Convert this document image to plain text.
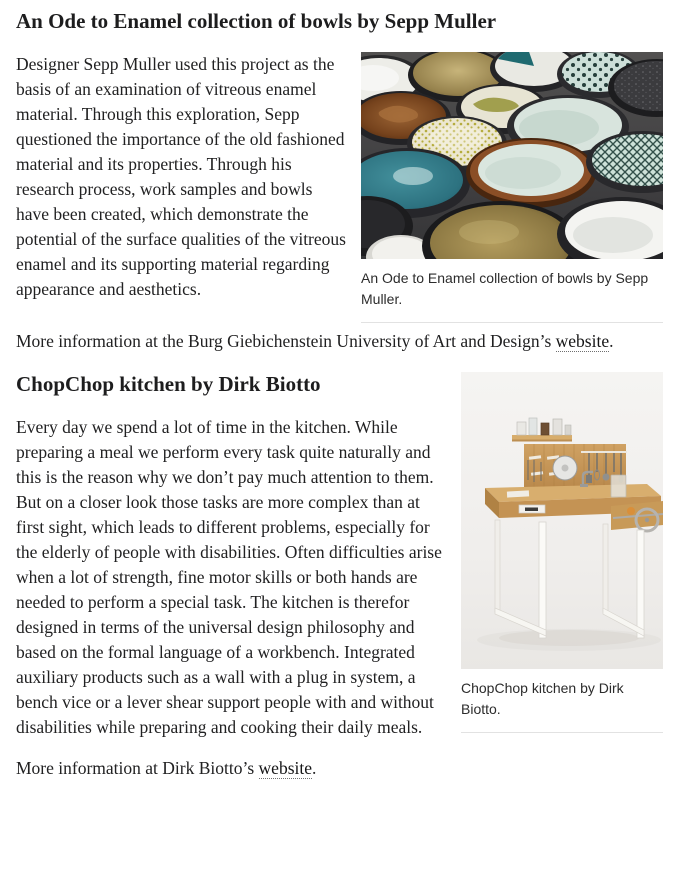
An Ode to Enamel collection of bowls by Sepp Muller
An Ode to Enamel collection of bowls by Sepp Muller.

Designer Sepp Muller used this project as the basis of an examination of vitreous enamel material. Through this exploration, Sepp questioned the importance of the old fashioned material and its properties. Through his research process, work samples and bowls have been created, which demonstrate the potential of the surface qualities of the vitreous enamel and its supporting material regarding appearance and aesthetics.

More information at the Burg Giebichenstein University of Art and Design’s website.

ChopChop kitchen by Dirk Biotto.
ChopChop kitchen by Dirk Biotto

Every day we spend a lot of time in the kitchen. While preparing a meal we perform every task quite naturally and this is the reason why we don’t pay much attention to them. But on a closer look those tasks are more complex than at first sight, which leads to different problems, especially for the elderly of people with disabilities. Often difficulties arise when a lot of strength, fine motor skills or both hands are needed to perform a special task. The kitchen is therefor designed in terms of the universal design philosophy and based on the formal language of a workbench. Integrated auxiliary products such as a wall with a plug in system, a bench vice or a lever shear support people with and without disabilities while preparing and cooking their daily meals.

More information at Dirk Biotto’s website.
